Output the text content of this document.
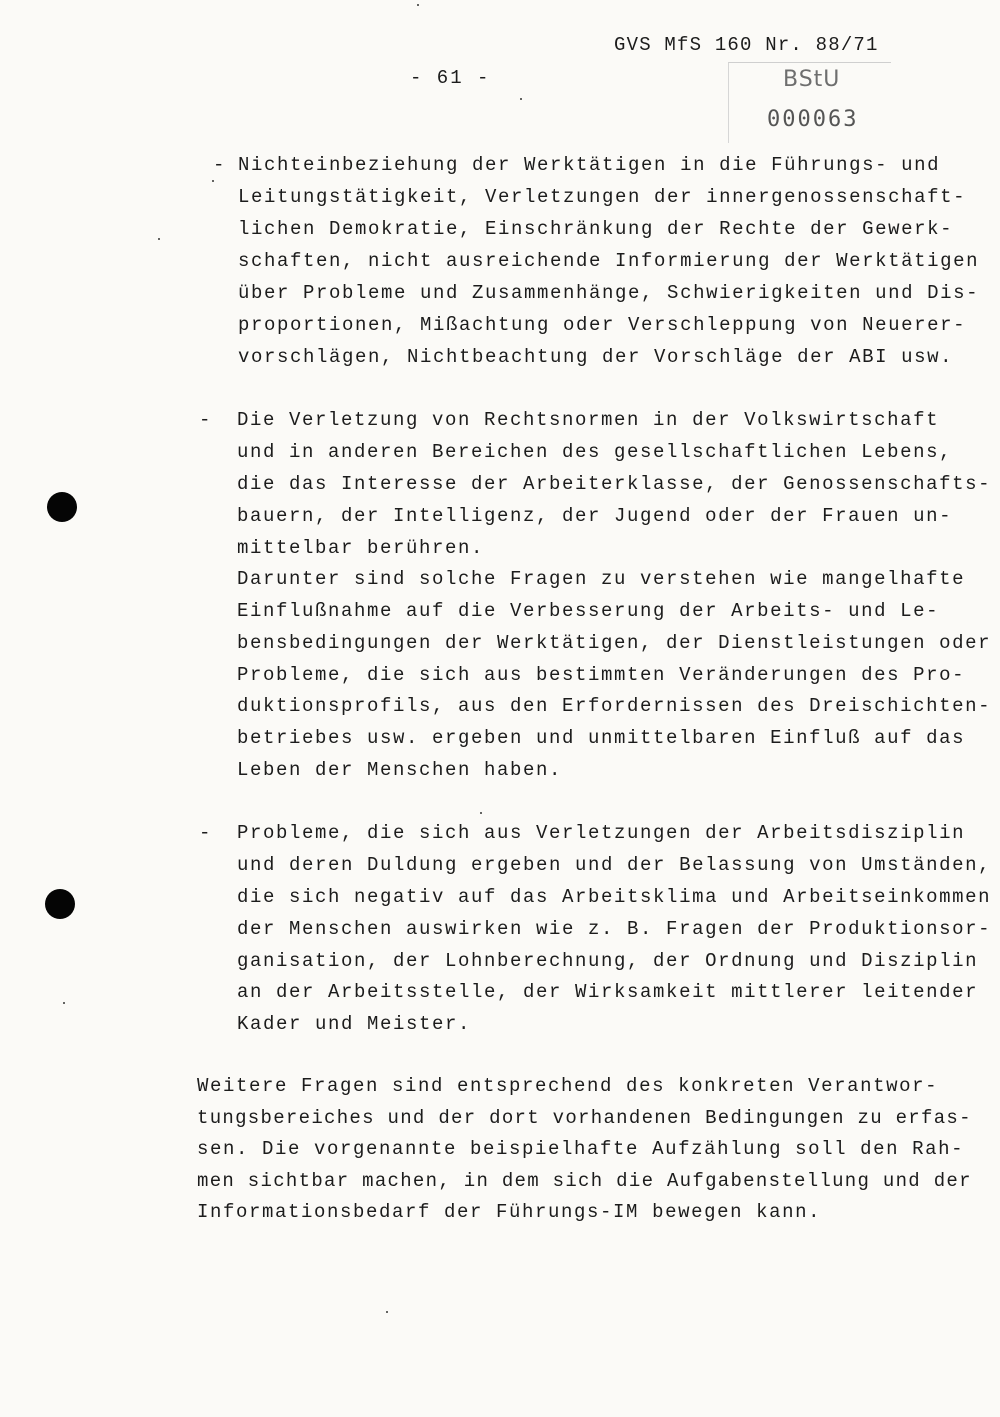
GVS MfS 160 Nr. 88/71
- 61 -	BStU
000063
- Nichteinbeziehung der Werktätigen in die Führungs- und
Leitungstätigkeit, Verletzungen der innergenossenschaft-
lichen Demokratie, Einschränkung der Rechte der Gewerk-
schaften, nicht ausreichende Informierung der Werktätigen
über Probleme und Zusammenhänge, Schwierigkeiten und Dis-
proportionen, Mißachtung oder Verschleppung von Neuerer-
vorschlägen, Nichtbeachtung der Vorschläge der ABI usw.
- Die Verletzung von Rechtsnormen in der Volkswirtschaft
und in anderen Bereichen des gesellschaftlichen Lebens,
die das Interesse der Arbeiterklasse, der Genossenschafts-
bauern, der Intelligenz, der Jugend oder der Frauen un-
mittelbar berühren.
Darunter sind solche Fragen zu verstehen wie mangelhafte
Einflußnahme auf die Verbesserung der Arbeits- und Le-
bensbedingungen der Werktätigen, der Dienstleistungen oder
Probleme, die sich aus bestimmten Veränderungen des Pro-
duktionsprofils, aus den Erfordernissen des Dreischichten-
betriebes usw. ergeben und unmittelbaren Einfluß auf das
Leben der Menschen haben.
- Probleme, die sich aus Verletzungen der Arbeitsdisziplin
und deren Duldung ergeben und der Belassung von Umständen,
die sich negativ auf das Arbeitsklima und Arbeitseinkommen
der Menschen auswirken wie z. B. Fragen der Produktionsor-
ganisation, der Lohnberechnung, der Ordnung und Disziplin
an der Arbeitsstelle, der Wirksamkeit mittlerer leitender
Kader und Meister.
Weitere Fragen sind entsprechend des konkreten Verantwor-
tungsbereiches und der dort vorhandenen Bedingungen zu erfas-
sen. Die vorgenannte beispielhafte Aufzählung soll den Rah-
men sichtbar machen, in dem sich die Aufgabenstellung und der
Informationsbedarf der Führungs-IM bewegen kann.
